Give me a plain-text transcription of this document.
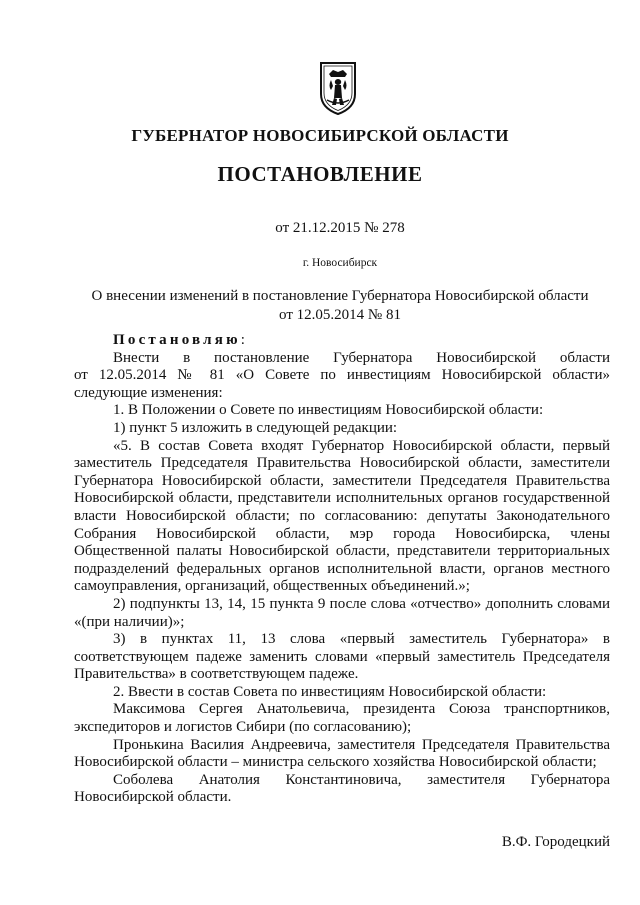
ГУБЕРНАТОР НОВОСИБИРСКОЙ ОБЛАСТИ
ПОСТАНОВЛЕНИЕ
от 21.12.2015 № 278
г. Новосибирск
О внесении изменений в постановление Губернатора Новосибирской области
от 12.05.2014 № 81

Постановляю:

Внести в постановление Губернатора Новосибирской области

от 12.05.2014 № 81 «О Совете по инвестициям Новосибирской области» следующие изменения:

1. В Положении о Совете по инвестициям Новосибирской области:

1) пункт 5 изложить в следующей редакции:

«5. В состав Совета входят Губернатор Новосибирской области, первый заместитель Председателя Правительства Новосибирской области, заместители Губернатора Новосибирской области, заместители Председателя Правительства Новосибирской области, представители исполнительных органов государственной власти Новосибирской области; по согласованию: депутаты Законодательного Собрания Новосибирской области, мэр города Новосибирска, члены Общественной палаты Новосибирской области, представители территориальных подразделений федеральных органов исполнительной власти, органов местного самоуправления, организаций, общественных объединений.»;

2) подпункты 13, 14, 15 пункта 9 после слова «отчество» дополнить словами «(при наличии)»;

3) в пунктах 11, 13 слова «первый заместитель Губернатора» в соответствующем падеже заменить словами «первый заместитель Председателя Правительства» в соответствующем падеже.

2. Ввести в состав Совета по инвестициям Новосибирской области:

Максимова Сергея Анатольевича, президента Союза транспортников, экспедиторов и логистов Сибири (по согласованию);

Пронькина Василия Андреевича, заместителя Председателя Правительства Новосибирской области – министра сельского хозяйства Новосибирской области;

Соболева Анатолия Константиновича, заместителя Губернатора Новосибирской области.

В.Ф. Городецкий
